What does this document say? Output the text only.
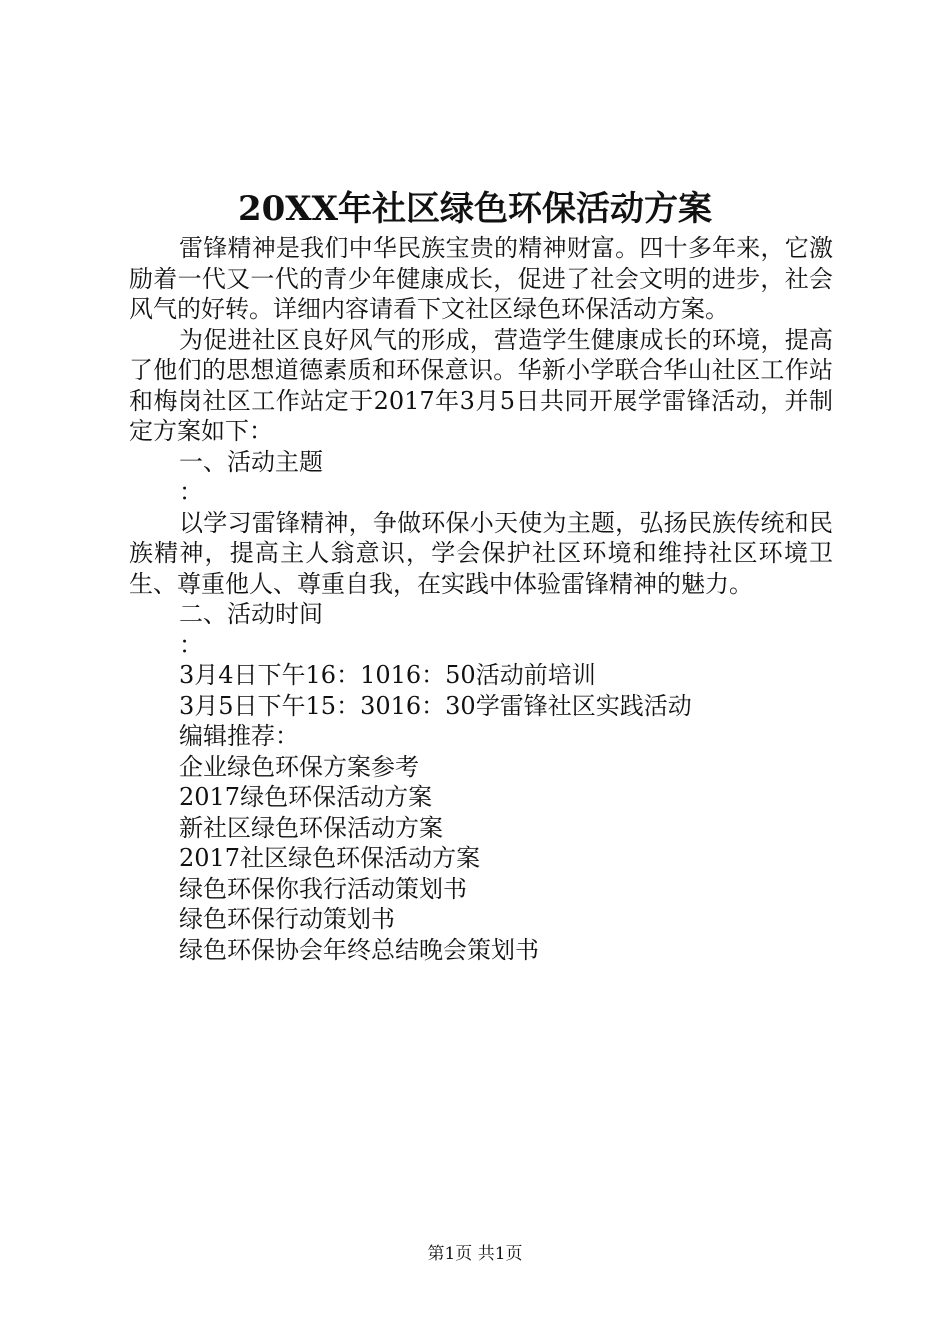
20XX年社区绿色环保活动方案

雷锋精神是我们中华民族宝贵的精神财富。四十多年来，它激励着一代又一代的青少年健康成长，促进了社会文明的进步，社会风气的好转。详细内容请看下文社区绿色环保活动方案。

为促进社区良好风气的形成，营造学生健康成长的环境，提高了他们的思想道德素质和环保意识。华新小学联合华山社区工作站和梅岗社区工作站定于2017年3月5日共同开展学雷锋活动，并制定方案如下：

一、活动主题

：

以学习雷锋精神，争做环保小天使为主题，弘扬民族传统和民族精神，提高主人翁意识，学会保护社区环境和维持社区环境卫生、尊重他人、尊重自我，在实践中体验雷锋精神的魅力。

二、活动时间

：

3月4日下午16：1016：50活动前培训

3月5日下午15：3016：30学雷锋社区实践活动

编辑推荐：

企业绿色环保方案参考

2017绿色环保活动方案

新社区绿色环保活动方案

2017社区绿色环保活动方案

绿色环保你我行活动策划书

绿色环保行动策划书

绿色环保协会年终总结晚会策划书

第1页 共1页
